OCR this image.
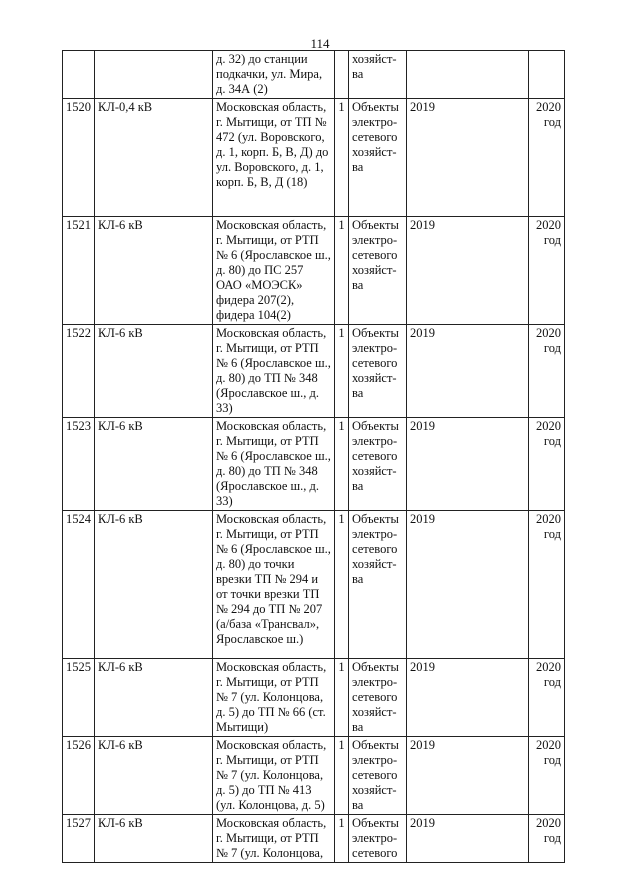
114
		д. 32) до станции подкачки, ул. Мира, д. 34А (2)		хозяйст-ва		
1520	КЛ-0,4 кВ	Московская область, г. Мытищи, от ТП № 472 (ул. Воровского, д. 1, корп. Б, В, Д) до ул. Воровского, д. 1, корп. Б, В, Д (18)	1	Объекты электро-сетевого хозяйст-ва	2019	2020 год
1521	КЛ-6 кВ	Московская область, г. Мытищи, от РТП № 6 (Ярославское ш., д. 80) до ПС 257 ОАО «МОЭСК» фидера 207(2), фидера 104(2)	1	Объекты электро-сетевого хозяйст-ва	2019	2020 год
1522	КЛ-6 кВ	Московская область, г. Мытищи, от РТП № 6 (Ярославское ш., д. 80) до ТП № 348 (Ярославское ш., д. 33)	1	Объекты электро-сетевого хозяйст-ва	2019	2020 год
1523	КЛ-6 кВ	Московская область, г. Мытищи, от РТП № 6 (Ярославское ш., д. 80) до ТП № 348 (Ярославское ш., д. 33)	1	Объекты электро-сетевого хозяйст-ва	2019	2020 год
1524	КЛ-6 кВ	Московская область, г. Мытищи, от РТП № 6 (Ярославское ш., д. 80) до точки врезки ТП № 294 и от точки врезки ТП № 294 до ТП № 207 (а/база «Трансвал», Ярославское ш.)	1	Объекты электро-сетевого хозяйст-ва	2019	2020 год
1525	КЛ-6 кВ	Московская область, г. Мытищи, от РТП № 7 (ул. Колонцова, д. 5) до ТП № 66 (ст. Мытищи)	1	Объекты электро-сетевого хозяйст-ва	2019	2020 год
1526	КЛ-6 кВ	Московская область, г. Мытищи, от РТП № 7 (ул. Колонцова, д. 5) до ТП № 413 (ул. Колонцова, д. 5)	1	Объекты электро-сетевого хозяйст-ва	2019	2020 год
1527	КЛ-6 кВ	Московская область, г. Мытищи, от РТП № 7 (ул. Колонцова,	1	Объекты электро-сетевого	2019	2020 год
